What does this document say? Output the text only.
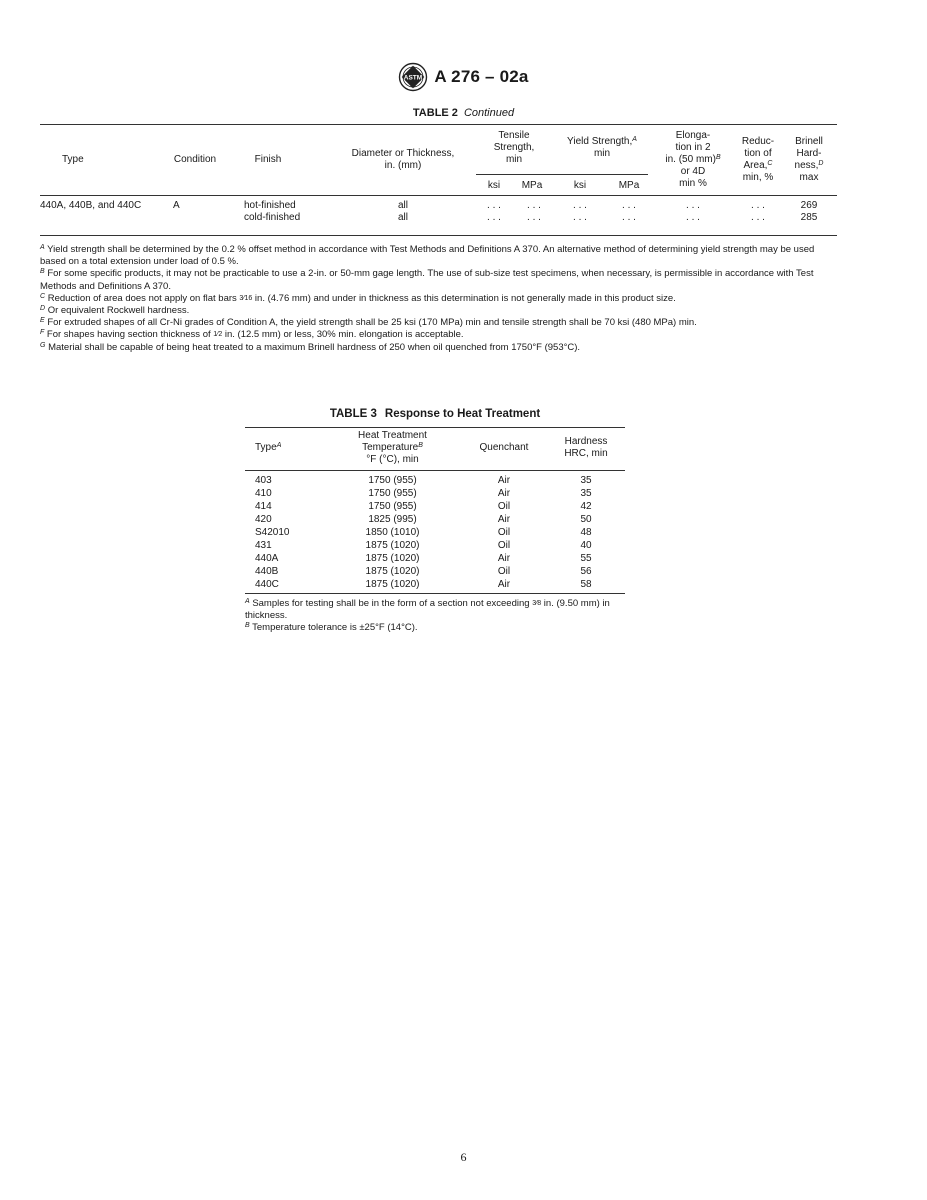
ASTM A 276 – 02a
TABLE 2 Continued
Type	Condition	Finish
Diameter or Thickness,
in. (mm)
Tensile
Strength,
min
Yield Strength,$^A$
min
ksi	MPa	ksi	MPa
Elonga-
tion in 2
in. (50 mm)$^B$
or 4D
min %
Reduc-
tion of
Area,$^C$
min, %
Brinell
Hard-
ness,$^D$
max
440A, 440B, and 440C	A	hot-finished	all	. . .	. . .	. . .	. . .	. . .	. . .	269
cold-finished	all	. . .	. . .	. . .	. . .	. . .	. . .	285

$^A$ Yield strength shall be determined by the 0.2 % offset method in accordance with Test Methods and Definitions A 370. An alternative method of determining yield strength may be used based on a total extension under load of 0.5 %.

$^B$ For some specific products, it may not be practicable to use a 2-in. or 50-mm gage length. The use of sub-size test specimens, when necessary, is permissible in accordance with Test Methods and Definitions A 370.

$^C$ Reduction of area does not apply on flat bars 3⁄16 in. (4.76 mm) and under in thickness as this determination is not generally made in this product size.

$^D$ Or equivalent Rockwell hardness.

$^E$ For extruded shapes of all Cr-Ni grades of Condition A, the yield strength shall be 25 ksi (170 MPa) min and tensile strength shall be 70 ksi (480 MPa) min.

$^F$ For shapes having section thickness of 1⁄2 in. (12.5 mm) or less, 30% min. elongation is acceptable.

$^G$ Material shall be capable of being heat treated to a maximum Brinell hardness of 250 when oil quenched from 1750°F (953°C).

TABLE 3 Response to Heat Treatment
Type$^A$
Heat Treatment
Temperature$^B$
°F (°C), min
Quenchant
Hardness
HRC, min
403	1750 (955)	Air	35
410	1750 (955)	Air	35
414	1750 (955)	Oil	42
420	1825 (995)	Air	50
S42010	1850 (1010)	Oil	48
431	1875 (1020)	Oil	40
440A	1875 (1020)	Air	55
440B	1875 (1020)	Oil	56
440C	1875 (1020)	Air	58

$^A$ Samples for testing shall be in the form of a section not exceeding 3⁄8 in. (9.50 mm) in thickness.

$^B$ Temperature tolerance is ±25°F (14°C).

6
